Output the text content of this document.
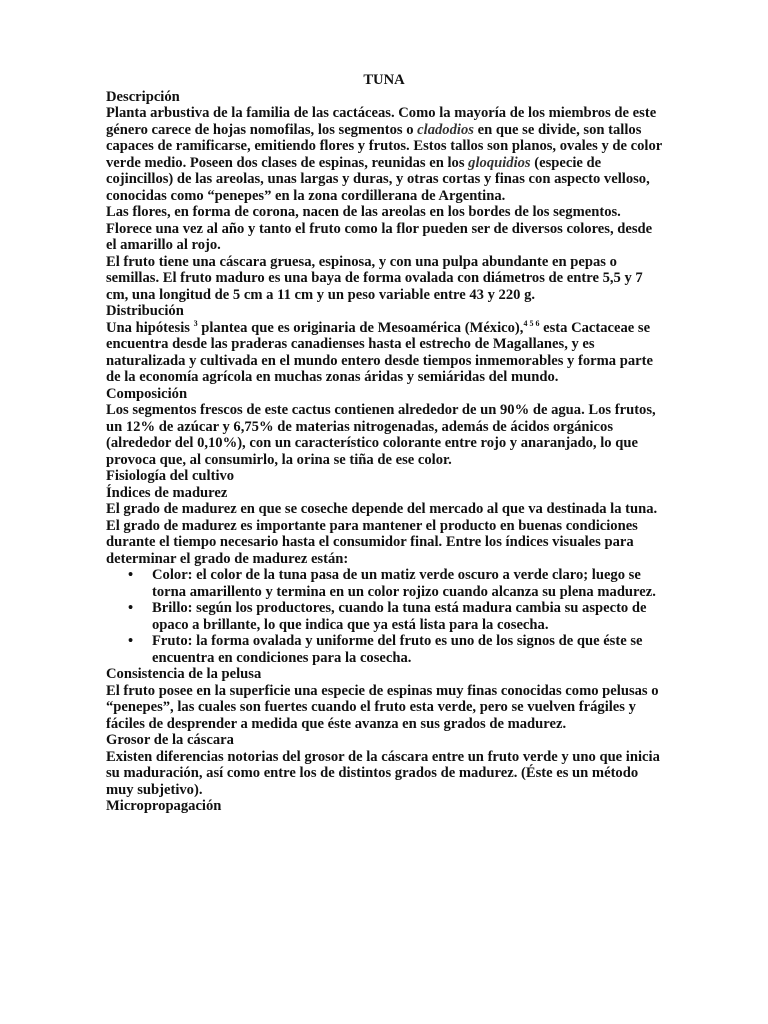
TUNA

Descripción

Planta arbustiva de la familia de las cactáceas. Como la mayoría de los miembros de este género carece de hojas nomofilas, los segmentos o cladodios en que se divide, son tallos capaces de ramificarse, emitiendo flores y frutos. Estos tallos son planos, ovales y de color verde medio. Poseen dos clases de espinas, reunidas en los gloquidios (especie de cojincillos) de las areolas, unas largas y duras, y otras cortas y finas con aspecto velloso, conocidas como “penepes” en la zona cordillerana de Argentina.

Las flores, en forma de corona, nacen de las areolas en los bordes de los segmentos. Florece una vez al año y tanto el fruto como la flor pueden ser de diversos colores, desde el amarillo al rojo.

El fruto tiene una cáscara gruesa, espinosa, y con una pulpa abundante en pepas o semillas. El fruto maduro es una baya de forma ovalada con diámetros de entre 5,5 y 7 cm, una longitud de 5 cm a 11 cm y un peso variable entre 43 y 220 g.

Distribución

Una hipótesis $^3$ plantea que es originaria de Mesoamérica (México),$^{4 5 6}$ esta Cactaceae se encuentra desde las praderas canadienses hasta el estrecho de Magallanes, y es naturalizada y cultivada en el mundo entero desde tiempos inmemorables y forma parte de la economía agrícola en muchas zonas áridas y semiáridas del mundo.

Composición

Los segmentos frescos de este cactus contienen alrededor de un 90% de agua. Los frutos, un 12% de azúcar y 6,75% de materias nitrogenadas, además de ácidos orgánicos (alrededor del 0,10%), con un característico colorante entre rojo y anaranjado, lo que provoca que, al consumirlo, la orina se tiña de ese color.

Fisiología del cultivo

Índices de madurez

El grado de madurez en que se coseche depende del mercado al que va destinada la tuna. El grado de madurez es importante para mantener el producto en buenas condiciones durante el tiempo necesario hasta el consumidor final. Entre los índices visuales para determinar el grado de madurez están:

• Color: el color de la tuna pasa de un matiz verde oscuro a verde claro; luego se torna amarillento y termina en un color rojizo cuando alcanza su plena madurez.
• Brillo: según los productores, cuando la tuna está madura cambia su aspecto de opaco a brillante, lo que indica que ya está lista para la cosecha.
• Fruto: la forma ovalada y uniforme del fruto es uno de los signos de que éste se encuentra en condiciones para la cosecha.

Consistencia de la pelusa

El fruto posee en la superficie una especie de espinas muy finas conocidas como pelusas o “penepes”, las cuales son fuertes cuando el fruto esta verde, pero se vuelven frágiles y fáciles de desprender a medida que éste avanza en sus grados de madurez.

Grosor de la cáscara

Existen diferencias notorias del grosor de la cáscara entre un fruto verde y uno que inicia su maduración, así como entre los de distintos grados de madurez. (Éste es un método muy subjetivo).

Micropropagación
